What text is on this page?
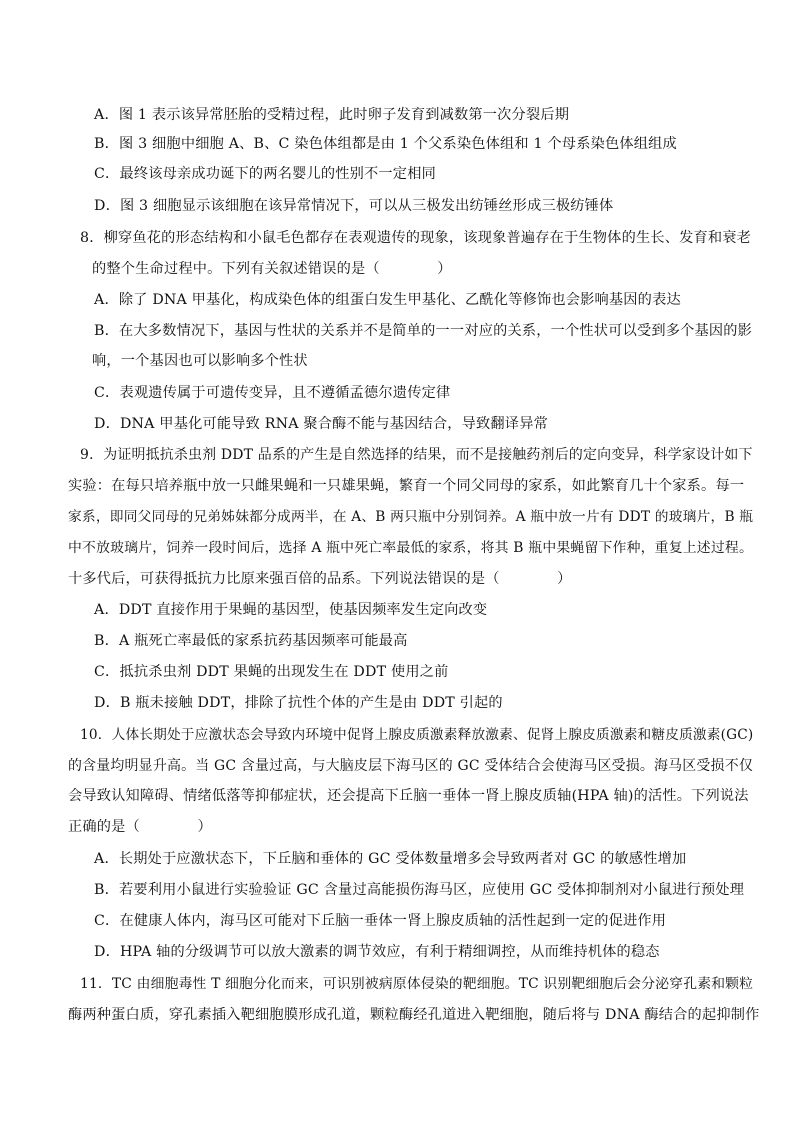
A．图 1 表示该异常胚胎的受精过程，此时卵子发育到减数第一次分裂后期
B．图 3 细胞中细胞 A、B、C 染色体组都是由 1 个父系染色体组和 1 个母系染色体组组成
C．最终该母亲成功诞下的两名婴儿的性别不一定相同
D．图 3 细胞显示该细胞在该异常情况下，可以从三极发出纺锤丝形成三极纺锤体
8．柳穿鱼花的形态结构和小鼠毛色都存在表观遗传的现象，该现象普遍存在于生物体的生长、发育和衰老
的整个生命过程中。下列有关叙述错误的是（　　　　）
A．除了 DNA 甲基化，构成染色体的组蛋白发生甲基化、乙酰化等修饰也会影响基因的表达
B．在大多数情况下，基因与性状的关系并不是简单的一一对应的关系，一个性状可以受到多个基因的影
响，一个基因也可以影响多个性状
C．表观遗传属于可遗传变异，且不遵循孟德尔遗传定律
D．DNA 甲基化可能导致 RNA 聚合酶不能与基因结合，导致翻译异常
9．为证明抵抗杀虫剂 DDT 品系的产生是自然选择的结果，而不是接触药剂后的定向变异，科学家设计如下
实验：在每只培养瓶中放一只雌果蝇和一只雄果蝇，繁育一个同父同母的家系，如此繁育几十个家系。每一
家系，即同父同母的兄弟姊妹都分成两半，在 A、B 两只瓶中分别饲养。A 瓶中放一片有 DDT 的玻璃片，B 瓶
中不放玻璃片，饲养一段时间后，选择 A 瓶中死亡率最低的家系，将其 B 瓶中果蝇留下作种，重复上述过程。
十多代后，可获得抵抗力比原来强百倍的品系。下列说法错误的是（　　　　）
A．DDT 直接作用于果蝇的基因型，使基因频率发生定向改变
B．A 瓶死亡率最低的家系抗药基因频率可能最高
C．抵抗杀虫剂 DDT 果蝇的出现发生在 DDT 使用之前
D．B 瓶未接触 DDT，排除了抗性个体的产生是由 DDT 引起的
10．人体长期处于应激状态会导致内环境中促肾上腺皮质激素释放激素、促肾上腺皮质激素和糖皮质激素(GC)
的含量均明显升高。当 GC 含量过高，与大脑皮层下海马区的 GC 受体结合会使海马区受损。海马区受损不仅
会导致认知障碍、情绪低落等抑郁症状，还会提高下丘脑一垂体一肾上腺皮质轴(HPA 轴)的活性。下列说法
正确的是（　　　　）
A．长期处于应激状态下，下丘脑和垂体的 GC 受体数量增多会导致两者对 GC 的敏感性增加
B．若要利用小鼠进行实验验证 GC 含量过高能损伤海马区，应使用 GC 受体抑制剂对小鼠进行预处理
C．在健康人体内，海马区可能对下丘脑一垂体一肾上腺皮质轴的活性起到一定的促进作用
D．HPA 轴的分级调节可以放大激素的调节效应，有利于精细调控，从而维持机体的稳态
11．TC 由细胞毒性 T 细胞分化而来，可识别被病原体侵染的靶细胞。TC 识别靶细胞后会分泌穿孔素和颗粒
酶两种蛋白质，穿孔素插入靶细胞膜形成孔道，颗粒酶经孔道进入靶细胞，随后将与 DNA 酶结合的起抑制作
